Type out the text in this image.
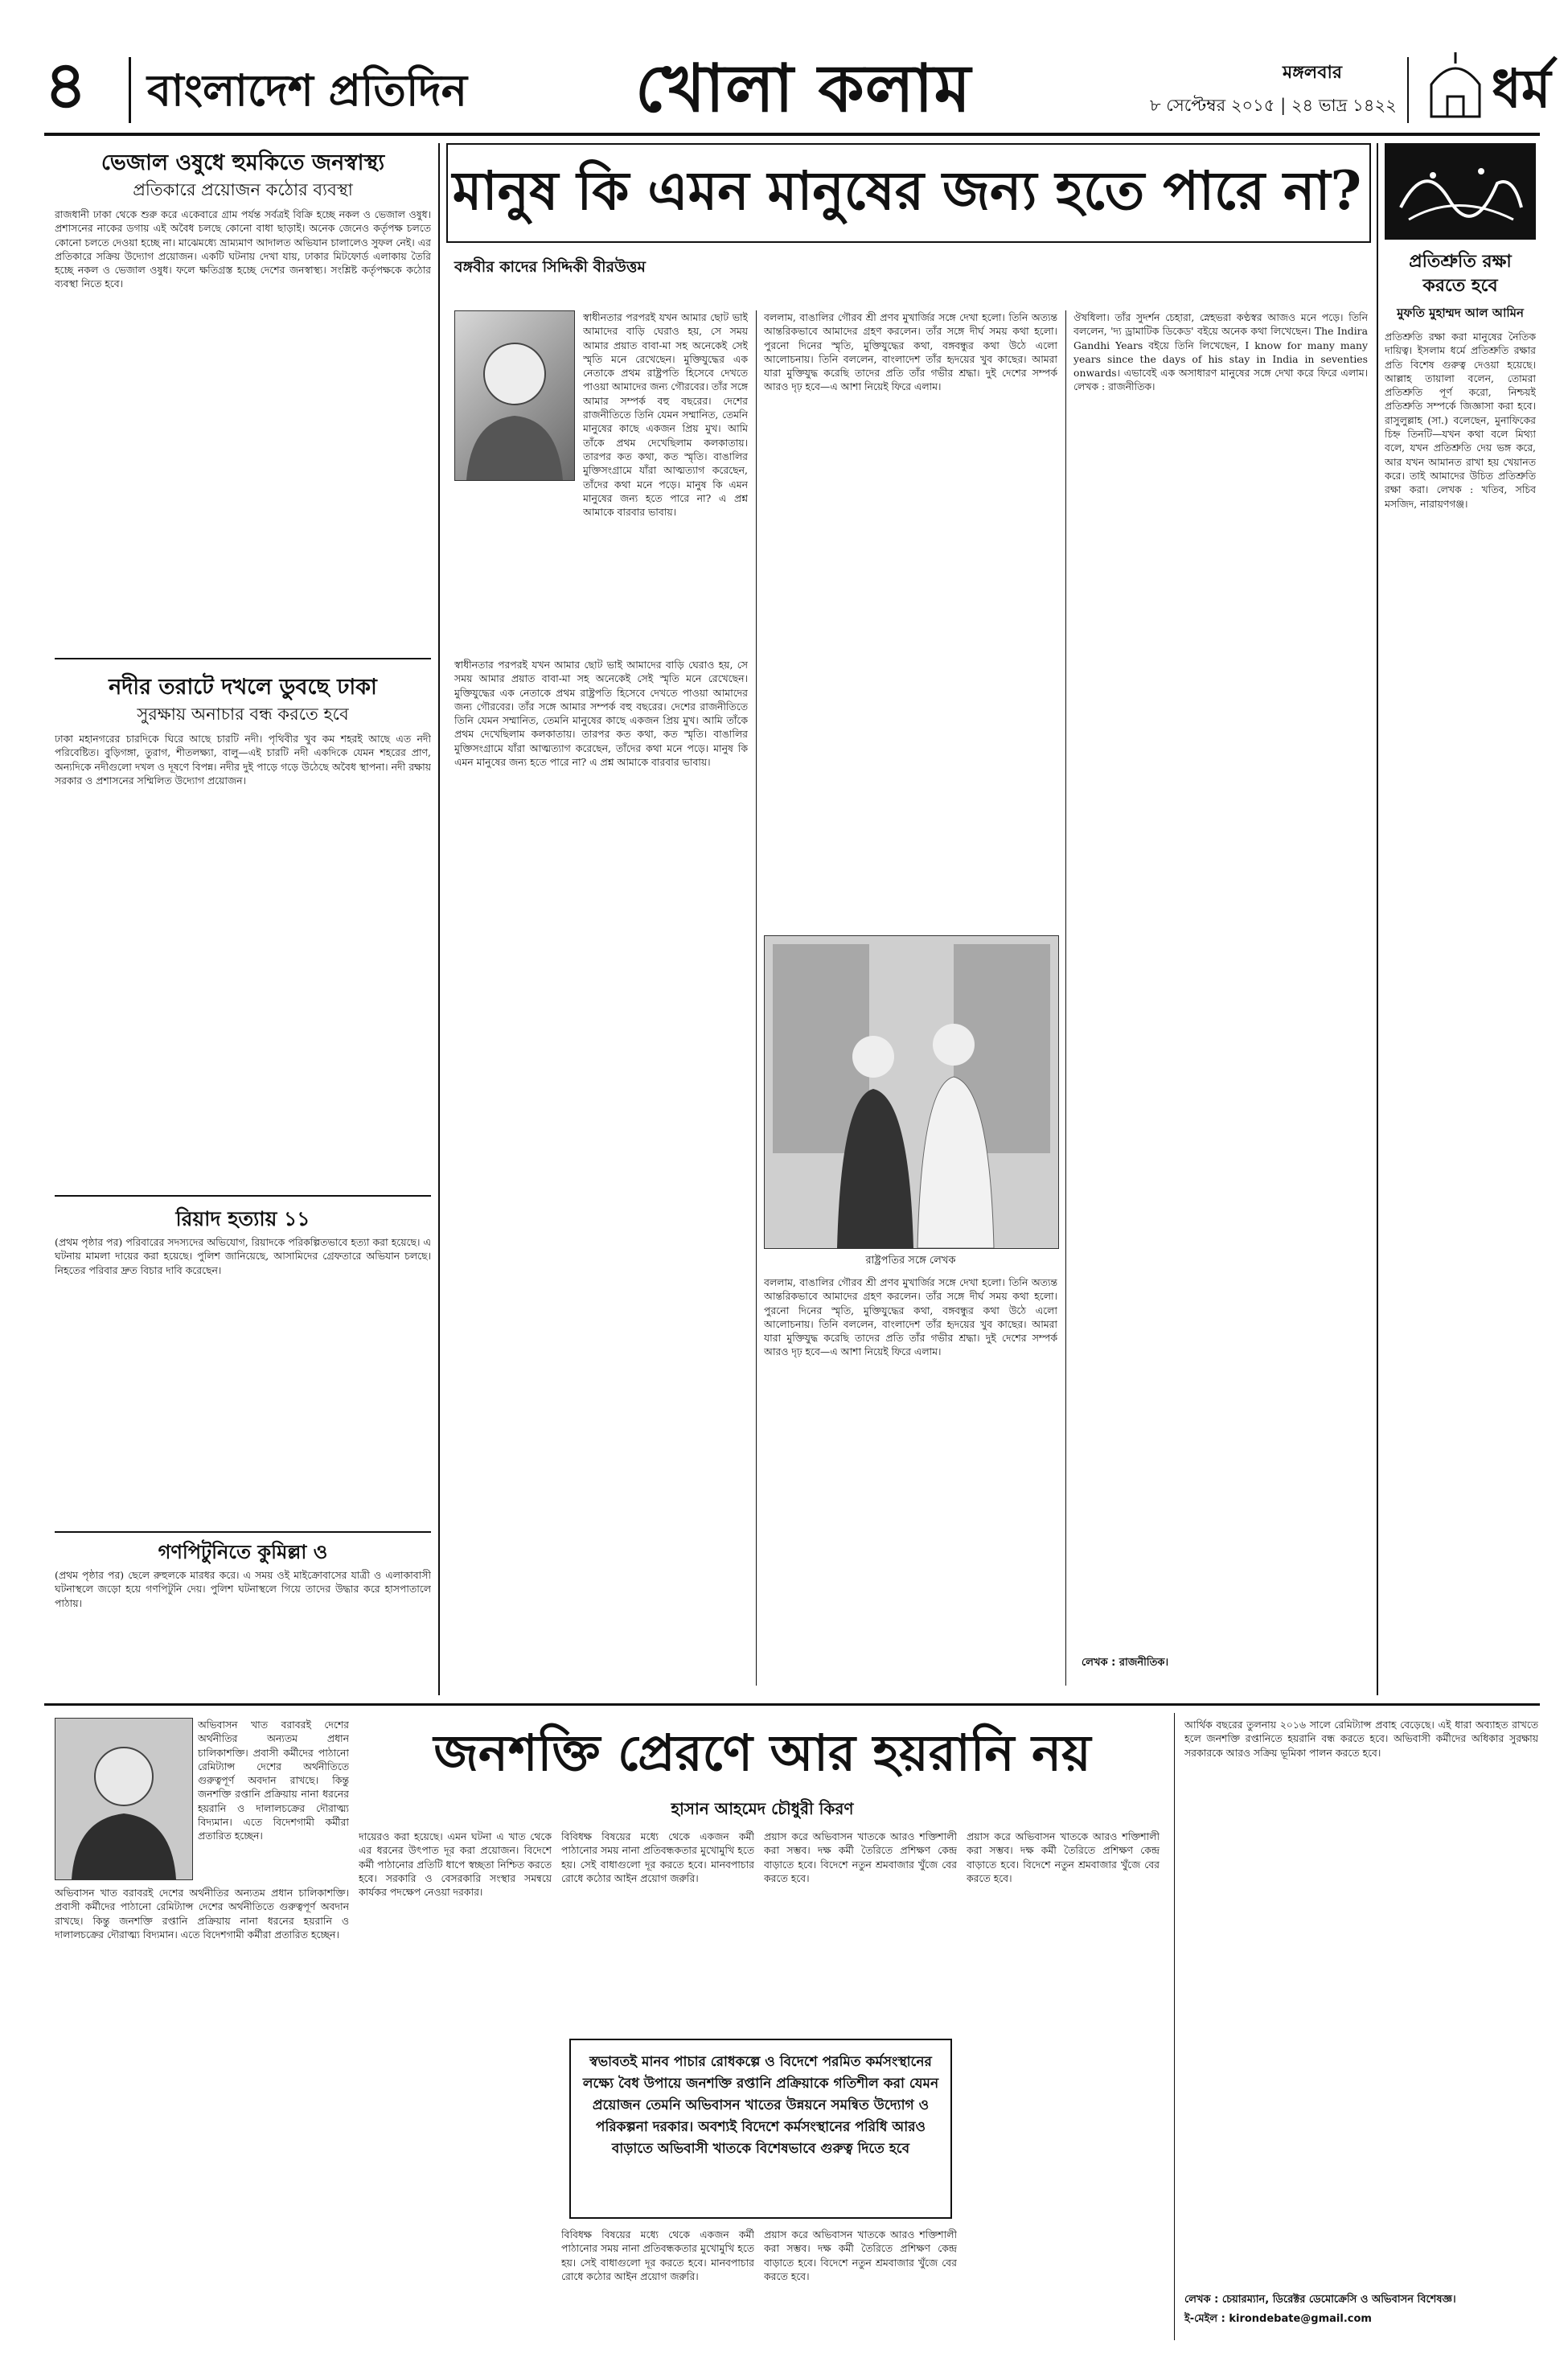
৪ বাংলাদেশ প্রতিদিন	খোলা কলাম	মঙ্গলবার
৮ সেপ্টেম্বর ২০১৫ | ২৪ ভাদ্র ১৪২২ ধর্ম
ভেজাল ওষুধে হুমকিতে জনস্বাস্থ্য
প্রতিকারে প্রয়োজন কঠোর ব্যবস্থা
রাজধানী ঢাকা থেকে শুরু করে একেবারে গ্রাম পর্যন্ত সর্বত্রই বিক্রি হচ্ছে নকল ও ভেজাল ওষুধ। প্রশাসনের নাকের ডগায় এই অবৈধ চলছে কোনো বাধা ছাড়াই। অনেক জেনেও কর্তৃপক্ষ চলতে কোনো চলতে দেওয়া হচ্ছে না। মাঝেমধ্যে ভ্রাম্যমাণ আদালত অভিযান চালালেও সুফল নেই। এর প্রতিকারে সক্রিয় উদ্যোগ প্রয়োজন। একটি ঘটনায় দেখা যায়, ঢাকার মিটফোর্ড এলাকায় তৈরি হচ্ছে নকল ও ভেজাল ওষুধ। ফলে ক্ষতিগ্রস্ত হচ্ছে দেশের জনস্বাস্থ্য। সংশ্লিষ্ট কর্তৃপক্ষকে কঠোর ব্যবস্থা নিতে হবে।
নদীর তরাটে দখলে ডুবছে ঢাকা
সুরক্ষায় অনাচার বন্ধ করতে হবে
ঢাকা মহানগরের চারদিকে ঘিরে আছে চারটি নদী। পৃথিবীর খুব কম শহরই আছে এত নদী পরিবেষ্টিত। বুড়িগঙ্গা, তুরাগ, শীতলক্ষ্যা, বালু—এই চারটি নদী একদিকে যেমন শহরের প্রাণ, অন্যদিকে নদীগুলো দখল ও দূষণে বিপন্ন। নদীর দুই পাড়ে গড়ে উঠেছে অবৈধ স্থাপনা। নদী রক্ষায় সরকার ও প্রশাসনের সম্মিলিত উদ্যোগ প্রয়োজন।
রিয়াদ হত্যায় ১১
(প্রথম পৃষ্ঠার পর) পরিবারের সদস্যদের অভিযোগ, রিয়াদকে পরিকল্পিতভাবে হত্যা করা হয়েছে। এ ঘটনায় মামলা দায়ের করা হয়েছে। পুলিশ জানিয়েছে, আসামিদের গ্রেফতারে অভিযান চলছে। নিহতের পরিবার দ্রুত বিচার দাবি করেছেন।
গণপিটুনিতে কুমিল্লা ও
(প্রথম পৃষ্ঠার পর) ছেলে রুহুলকে মারধর করে। এ সময় ওই মাইক্রোবাসের যাত্রী ও এলাকাবাসী ঘটনাস্থলে জড়ো হয়ে গণপিটুনি দেয়। পুলিশ ঘটনাস্থলে গিয়ে তাদের উদ্ধার করে হাসপাতালে পাঠায়।
মানুষ কি এমন মানুষের জন্য হতে পারে না?
বঙ্গবীর কাদের সিদ্দিকী বীরউত্তম
স্বাধীনতার পরপরই যখন আমার ছোট ভাই আমাদের বাড়ি ঘেরাও হয়, সে সময় আমার প্রয়াত বাবা-মা সহ অনেকেই সেই স্মৃতি মনে রেখেছেন। মুক্তিযুদ্ধের এক নেতাকে প্রথম রাষ্ট্রপতি হিসেবে দেখতে পাওয়া আমাদের জন্য গৌরবের। তাঁর সঙ্গে আমার সম্পর্ক বহু বছরের। দেশের রাজনীতিতে তিনি যেমন সম্মানিত, তেমনি মানুষের কাছে একজন প্রিয় মুখ। আমি তাঁকে প্রথম দেখেছিলাম কলকাতায়। তারপর কত কথা, কত স্মৃতি। বাঙালির মুক্তিসংগ্রামে যাঁরা আত্মত্যাগ করেছেন, তাঁদের কথা মনে পড়ে। মানুষ কি এমন মানুষের জন্য হতে পারে না? এ প্রশ্ন আমাকে বারবার ভাবায়।
স্বাধীনতার পরপরই যখন আমার ছোট ভাই আমাদের বাড়ি ঘেরাও হয়, সে সময় আমার প্রয়াত বাবা-মা সহ অনেকেই সেই স্মৃতি মনে রেখেছেন। মুক্তিযুদ্ধের এক নেতাকে প্রথম রাষ্ট্রপতি হিসেবে দেখতে পাওয়া আমাদের জন্য গৌরবের। তাঁর সঙ্গে আমার সম্পর্ক বহু বছরের। দেশের রাজনীতিতে তিনি যেমন সম্মানিত, তেমনি মানুষের কাছে একজন প্রিয় মুখ। আমি তাঁকে প্রথম দেখেছিলাম কলকাতায়। তারপর কত কথা, কত স্মৃতি। বাঙালির মুক্তিসংগ্রামে যাঁরা আত্মত্যাগ করেছেন, তাঁদের কথা মনে পড়ে। মানুষ কি এমন মানুষের জন্য হতে পারে না? এ প্রশ্ন আমাকে বারবার ভাবায়।
বললাম, বাঙালির গৌরব শ্রী প্রণব মুখার্জির সঙ্গে দেখা হলো। তিনি অত্যন্ত আন্তরিকভাবে আমাদের গ্রহণ করলেন। তাঁর সঙ্গে দীর্ঘ সময় কথা হলো। পুরনো দিনের স্মৃতি, মুক্তিযুদ্ধের কথা, বঙ্গবন্ধুর কথা উঠে এলো আলোচনায়। তিনি বললেন, বাংলাদেশ তাঁর হৃদয়ের খুব কাছের। আমরা যারা মুক্তিযুদ্ধ করেছি তাদের প্রতি তাঁর গভীর শ্রদ্ধা। দুই দেশের সম্পর্ক আরও দৃঢ় হবে—এ আশা নিয়েই ফিরে এলাম।
রাষ্ট্রপতির সঙ্গে লেখক
বললাম, বাঙালির গৌরব শ্রী প্রণব মুখার্জির সঙ্গে দেখা হলো। তিনি অত্যন্ত আন্তরিকভাবে আমাদের গ্রহণ করলেন। তাঁর সঙ্গে দীর্ঘ সময় কথা হলো। পুরনো দিনের স্মৃতি, মুক্তিযুদ্ধের কথা, বঙ্গবন্ধুর কথা উঠে এলো আলোচনায়। তিনি বললেন, বাংলাদেশ তাঁর হৃদয়ের খুব কাছের। আমরা যারা মুক্তিযুদ্ধ করেছি তাদের প্রতি তাঁর গভীর শ্রদ্ধা। দুই দেশের সম্পর্ক আরও দৃঢ় হবে—এ আশা নিয়েই ফিরে এলাম।
ঔষধিলা। তাঁর সুদর্শন চেহারা, স্নেহভরা কণ্ঠস্বর আজও মনে পড়ে। তিনি বললেন, 'দ্য ড্রামাটিক ডিকেড' বইয়ে অনেক কথা লিখেছেন। The Indira Gandhi Years বইয়ে তিনি লিখেছেন, I know for many many years since the days of his stay in India in seventies onwards। এভাবেই এক অসাধারণ মানুষের সঙ্গে দেখা করে ফিরে এলাম। লেখক : রাজনীতিক।
লেখক : রাজনীতিক।
প্রতিশ্রুতি রক্ষা করতে হবে
মুফতি মুহাম্মদ আল আমিন
প্রতিশ্রুতি রক্ষা করা মানুষের নৈতিক দায়িত্ব। ইসলাম ধর্মে প্রতিশ্রুতি রক্ষার প্রতি বিশেষ গুরুত্ব দেওয়া হয়েছে। আল্লাহ তায়ালা বলেন, তোমরা প্রতিশ্রুতি পূর্ণ করো, নিশ্চয়ই প্রতিশ্রুতি সম্পর্কে জিজ্ঞাসা করা হবে। রাসুলুল্লাহ (সা.) বলেছেন, মুনাফিকের চিহ্ন তিনটি—যখন কথা বলে মিথ্যা বলে, যখন প্রতিশ্রুতি দেয় ভঙ্গ করে, আর যখন আমানত রাখা হয় খেয়ানত করে। তাই আমাদের উচিত প্রতিশ্রুতি রক্ষা করা। লেখক : খতিব, সচিব মসজিদ, নারায়ণগঞ্জ।
অভিবাসন খাত বরাবরই দেশের অর্থনীতির অন্যতম প্রধান চালিকাশক্তি। প্রবাসী কর্মীদের পাঠানো রেমিট্যান্স দেশের অর্থনীতিতে গুরুত্বপূর্ণ অবদান রাখছে। কিন্তু জনশক্তি রপ্তানি প্রক্রিয়ায় নানা ধরনের হয়রানি ও দালালচক্রের দৌরাত্ম্য বিদ্যমান। এতে বিদেশগামী কর্মীরা প্রতারিত হচ্ছেন।
অভিবাসন খাত বরাবরই দেশের অর্থনীতির অন্যতম প্রধান চালিকাশক্তি। প্রবাসী কর্মীদের পাঠানো রেমিট্যান্স দেশের অর্থনীতিতে গুরুত্বপূর্ণ অবদান রাখছে। কিন্তু জনশক্তি রপ্তানি প্রক্রিয়ায় নানা ধরনের হয়রানি ও দালালচক্রের দৌরাত্ম্য বিদ্যমান। এতে বিদেশগামী কর্মীরা প্রতারিত হচ্ছেন।
জনশক্তি প্রেরণে আর হয়রানি নয়
হাসান আহমেদ চৌধুরী কিরণ
দায়েরও করা হয়েছে। এমন ঘটনা এ খাত থেকে এর ধরনের উৎপাত দূর করা প্রয়োজন। বিদেশে কর্মী পাঠানোর প্রতিটি ধাপে স্বচ্ছতা নিশ্চিত করতে হবে। সরকারি ও বেসরকারি সংস্থার সমন্বয়ে কার্যকর পদক্ষেপ নেওয়া দরকার।
বিবিধক্ষ বিষয়ের মধ্যে থেকে একজন কর্মী পাঠানোর সময় নানা প্রতিবন্ধকতার মুখোমুখি হতে হয়। সেই বাধাগুলো দূর করতে হবে। মানবপাচার রোধে কঠোর আইন প্রয়োগ জরুরি।
প্রয়াস করে অভিবাসন খাতকে আরও শক্তিশালী করা সম্ভব। দক্ষ কর্মী তৈরিতে প্রশিক্ষণ কেন্দ্র বাড়াতে হবে। বিদেশে নতুন শ্রমবাজার খুঁজে বের করতে হবে।
স্বভাবতই মানব পাচার রোধকল্পে ও বিদেশে পরমিত কর্মসংস্থানের লক্ষ্যে বৈধ উপায়ে জনশক্তি রপ্তানি প্রক্রিয়াকে গতিশীল করা যেমন প্রয়োজন তেমনি অভিবাসন খাতের উন্নয়নে সমন্বিত উদ্যোগ ও পরিকল্পনা দরকার। অবশ্যই বিদেশে কর্মসংস্থানের পরিধি আরও বাড়াতে অভিবাসী খাতকে বিশেষভাবে গুরুত্ব দিতে হবে
বিবিধক্ষ বিষয়ের মধ্যে থেকে একজন কর্মী পাঠানোর সময় নানা প্রতিবন্ধকতার মুখোমুখি হতে হয়। সেই বাধাগুলো দূর করতে হবে। মানবপাচার রোধে কঠোর আইন প্রয়োগ জরুরি।
প্রয়াস করে অভিবাসন খাতকে আরও শক্তিশালী করা সম্ভব। দক্ষ কর্মী তৈরিতে প্রশিক্ষণ কেন্দ্র বাড়াতে হবে। বিদেশে নতুন শ্রমবাজার খুঁজে বের করতে হবে।
প্রয়াস করে অভিবাসন খাতকে আরও শক্তিশালী করা সম্ভব। দক্ষ কর্মী তৈরিতে প্রশিক্ষণ কেন্দ্র বাড়াতে হবে। বিদেশে নতুন শ্রমবাজার খুঁজে বের করতে হবে।
আর্থিক বছরের তুলনায় ২০১৬ সালে রেমিট্যান্স প্রবাহ বেড়েছে। এই ধারা অব্যাহত রাখতে হলে জনশক্তি রপ্তানিতে হয়রানি বন্ধ করতে হবে। অভিবাসী কর্মীদের অধিকার সুরক্ষায় সরকারকে আরও সক্রিয় ভূমিকা পালন করতে হবে।
লেখক : চেয়ারম্যান, ডিরেক্টর ডেমোক্রেসি ও অভিবাসন বিশেষজ্ঞ।
ই-মেইল : kirondebate@gmail.com
